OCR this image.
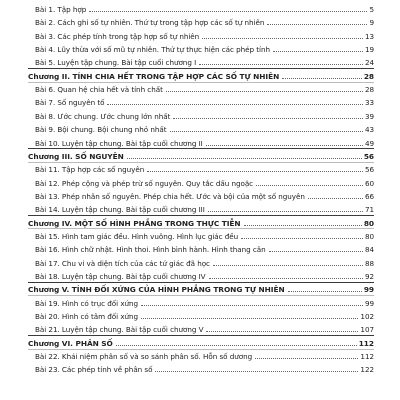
Bài 1. Tập hợp	5
Bài 2. Cách ghi số tự nhiên. Thứ tự trong tập hợp các số tự nhiên	9
Bài 3. Các phép tính trong tập hợp số tự nhiên	13
Bài 4. Lũy thừa với số mũ tự nhiên. Thứ tự thực hiện các phép tính	19
Bài 5. Luyện tập chung. Bài tập cuối chương I	24
Chương II. TÍNH CHIA HẾT TRONG TẬP HỢP CÁC SỐ TỰ NHIÊN	28
Bài 6. Quan hệ chia hết và tính chất	28
Bài 7. Số nguyên tố	33
Bài 8. Ước chung. Ước chung lớn nhất	39
Bài 9. Bội chung. Bội chung nhỏ nhất	43
Bài 10. Luyện tập chung. Bài tập cuối chương II	49
Chương III. SỐ NGUYÊN	56
Bài 11. Tập hợp các số nguyên	56
Bài 12. Phép cộng và phép trừ số nguyên. Quy tắc dấu ngoặc	60
Bài 13. Phép nhân số nguyên. Phép chia hết. Ước và bội của một số nguyên	66
Bài 14. Luyện tập chung. Bài tập cuối chương III	71
Chương IV. MỘT SỐ HÌNH PHẲNG TRONG THỰC TIỄN	80
Bài 15. Hình tam giác đều. Hình vuông. Hình lục giác đều	80
Bài 16. Hình chữ nhật. Hình thoi. Hình bình hành. Hình thang cân	84
Bài 17. Chu vi và diện tích của các tứ giác đã học	88
Bài 18. Luyện tập chung. Bài tập cuối chương IV	92
Chương V. TÍNH ĐỐI XỨNG CỦA HÌNH PHẲNG TRONG TỰ NHIÊN	99
Bài 19. Hình có trục đối xứng	99
Bài 20. Hình có tâm đối xứng	102
Bài 21. Luyện tập chung. Bài tập cuối chương V	107
Chương VI. PHÂN SỐ	112
Bài 22. Khái niệm phân số và so sánh phân số. Hỗn số dương	112
Bài 23. Các phép tính về phân số	122
